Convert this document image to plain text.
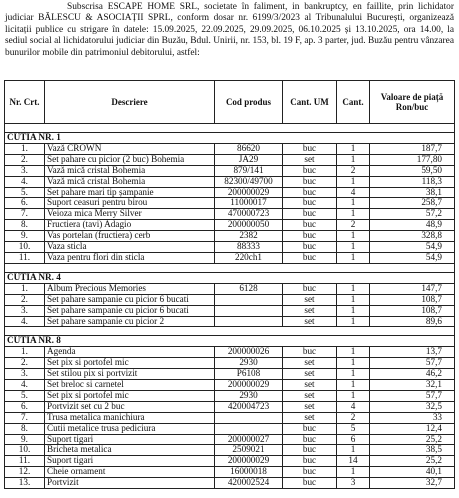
Subscrisa ESCAPE HOME SRL, societate în faliment, in bankruptcy, en faillite, prin lichidator judiciar BĂLESCU & ASOCIAȚII SPRL, conform dosar nr. 6199/3/2023 al Tribunalului București, organizează licitații publice cu strigare în datele: 15.09.2025, 22.09.2025, 29.09.2025, 06.10.2025 și 13.10.2025, ora 14.00, la sediul social al lichidatorului judiciar din Buzău, Bdul. Unirii, nr. 153, bl. 19 F, ap. 3 parter, jud. Buzău pentru vânzarea bunurilor mobile din patrimoniul debitorului, astfel:

Nr. Crt.	Descriere	Cod produs	Cant. UM	Cant.	Valoare de piață Ron/buc

CUTIA NR. 1					
1.	Vază CROWN	86620	buc	1	187,7
2.	Set pahare cu picior (2 buc) Bohemia	JA29	set	1	177,80
3.	Vază mică cristal Bohemia	879/141	buc	2	59,50
4.	Vază mică cristal Bohemia	82300/49700	buc	1	118,3
5.	Set pahare mari tip șampanie	200000029	buc	4	38,1
6.	Suport ceasuri pentru birou	11000017	buc	1	258,7
7.	Veioza mica Merry Silver	470000723	buc	1	57,2
8.	Fructiera (tavi) Adagio	200000050	buc	2	48,9
9.	Vas portelan (fructiera) cerb	2382	buc	1	328,8
10.	Vaza sticla	88333	buc	1	54,9
11.	Vaza pentru flori din sticla	220ch1	buc	1	54,9

CUTIA NR. 4					
1.	Album Precious Memories	6128	buc	1	147,7
2.	Set pahare sampanie cu picior 6 bucati		set	1	108,7
3.	Set pahare sampanie cu picior 6 bucati		set	1	108,7
4.	Set pahare sampanie cu picior 2		set	1	89,6

CUTIA NR. 8					
1.	Agenda	200000026	buc	1	13,7
2.	Set pix si portofel mic	2930	set	1	57,7
3.	Set stilou pix si portvizit	P6108	set	1	46,2
4.	Set breloc si carnetel	200000029	set	1	32,1
5.	Set pix si portofel mic	2930	set	1	57,7
6.	Portvizit set cu 2 buc	420004723	set	4	32,5
7.	Trusa metalica manichiura		set	2	33
8.	Cutii metalice trusa pediciura		buc	5	12,4
9.	Suport tigari	200000027	buc	6	25,2
10.	Bricheta metalica	2509021	buc	1	38,5
11.	Suport tigari	200000029	buc	14	25,2
12.	Cheie ornament	16000018	buc	1	40,1
13.	Portvizit	420002524	buc	3	32,7
